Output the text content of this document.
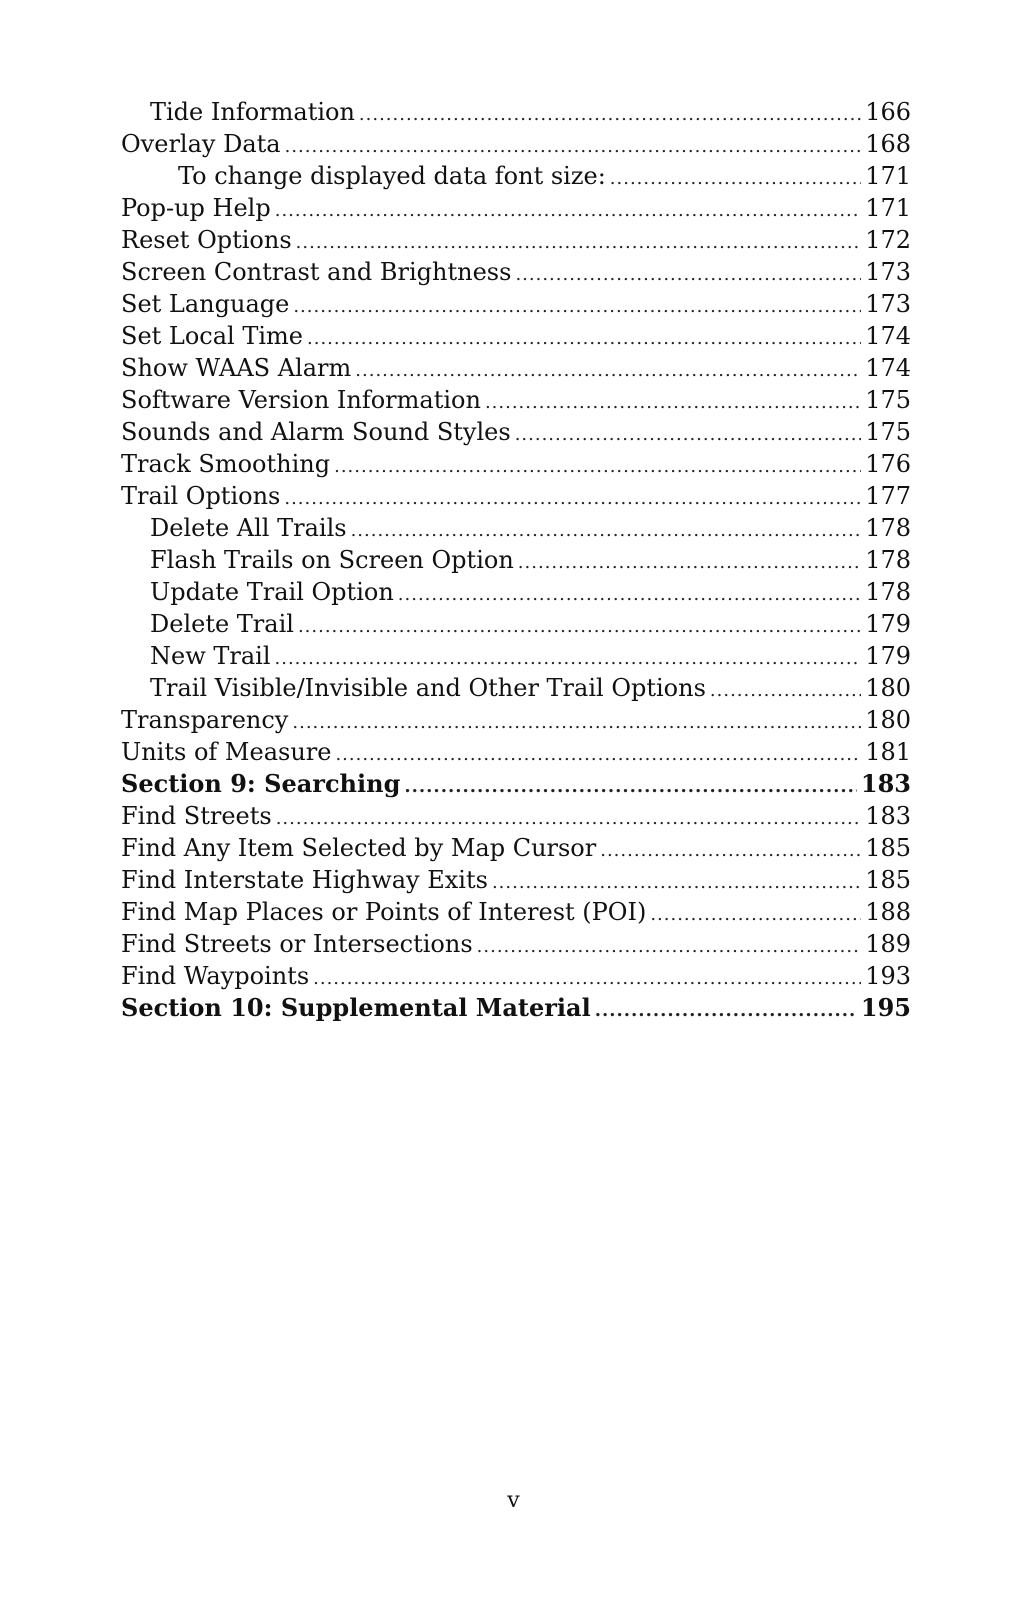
Tide Information .....	166
Overlay Data .....	168
To change displayed data font size: .....	171
Pop-up Help .....	171
Reset Options .....	172
Screen Contrast and Brightness .....	173
Set Language .....	173
Set Local Time .....	174
Show WAAS Alarm .....	174
Software Version Information .....	175
Sounds and Alarm Sound Styles .....	175
Track Smoothing .....	176
Trail Options .....	177
Delete All Trails .....	178
Flash Trails on Screen Option .....	178
Update Trail Option .....	178
Delete Trail .....	179
New Trail .....	179
Trail Visible/Invisible and Other Trail Options .....	180
Transparency .....	180
Units of Measure .....	181
Section 9: Searching .....	183
Find Streets .....	183
Find Any Item Selected by Map Cursor .....	185
Find Interstate Highway Exits .....	185
Find Map Places or Points of Interest (POI) .....	188
Find Streets or Intersections .....	189
Find Waypoints .....	193
Section 10: Supplemental Material .....	195
v
